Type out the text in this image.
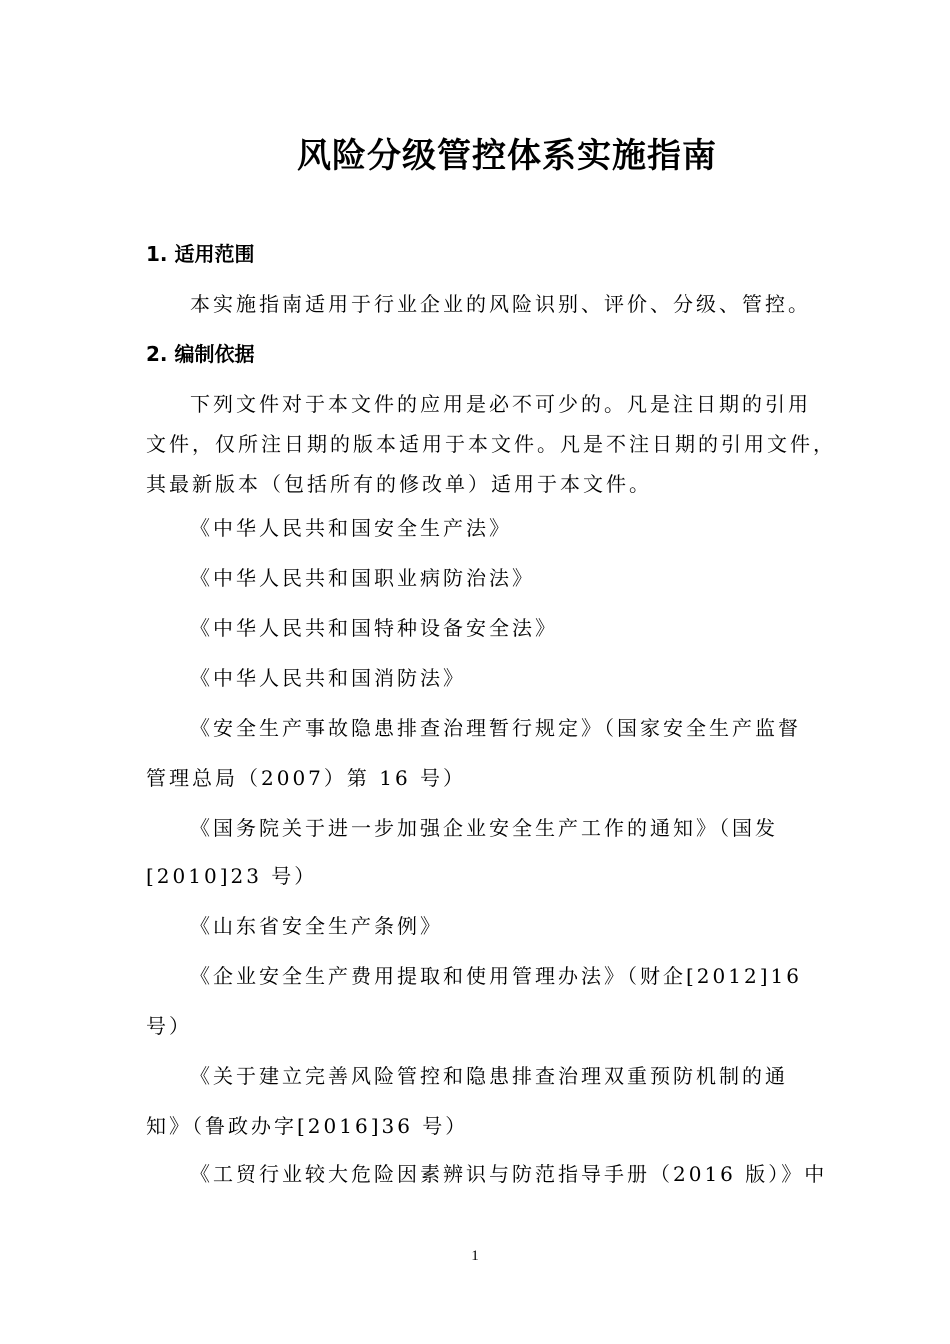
风险分级管控体系实施指南
1. 适用范围

本实施指南适用于行业企业的风险识别、评价、分级、管控。

2. 编制依据

下列文件对于本文件的应用是必不可少的。凡是注日期的引用

文件，仅所注日期的版本适用于本文件。凡是不注日期的引用文件，

其最新版本（包括所有的修改单）适用于本文件。

《中华人民共和国安全生产法》

《中华人民共和国职业病防治法》

《中华人民共和国特种设备安全法》

《中华人民共和国消防法》

《安全生产事故隐患排查治理暂行规定》（国家安全生产监督

管理总局（2007）第 16 号）

《国务院关于进一步加强企业安全生产工作的通知》（国发

[2010]23 号）

《山东省安全生产条例》

《企业安全生产费用提取和使用管理办法》（财企[2012]16

号）

《关于建立完善风险管控和隐患排查治理双重预防机制的通

知》（鲁政办字[2016]36 号）

《工贸行业较大危险因素辨识与防范指导手册（2016 版）》中

1
